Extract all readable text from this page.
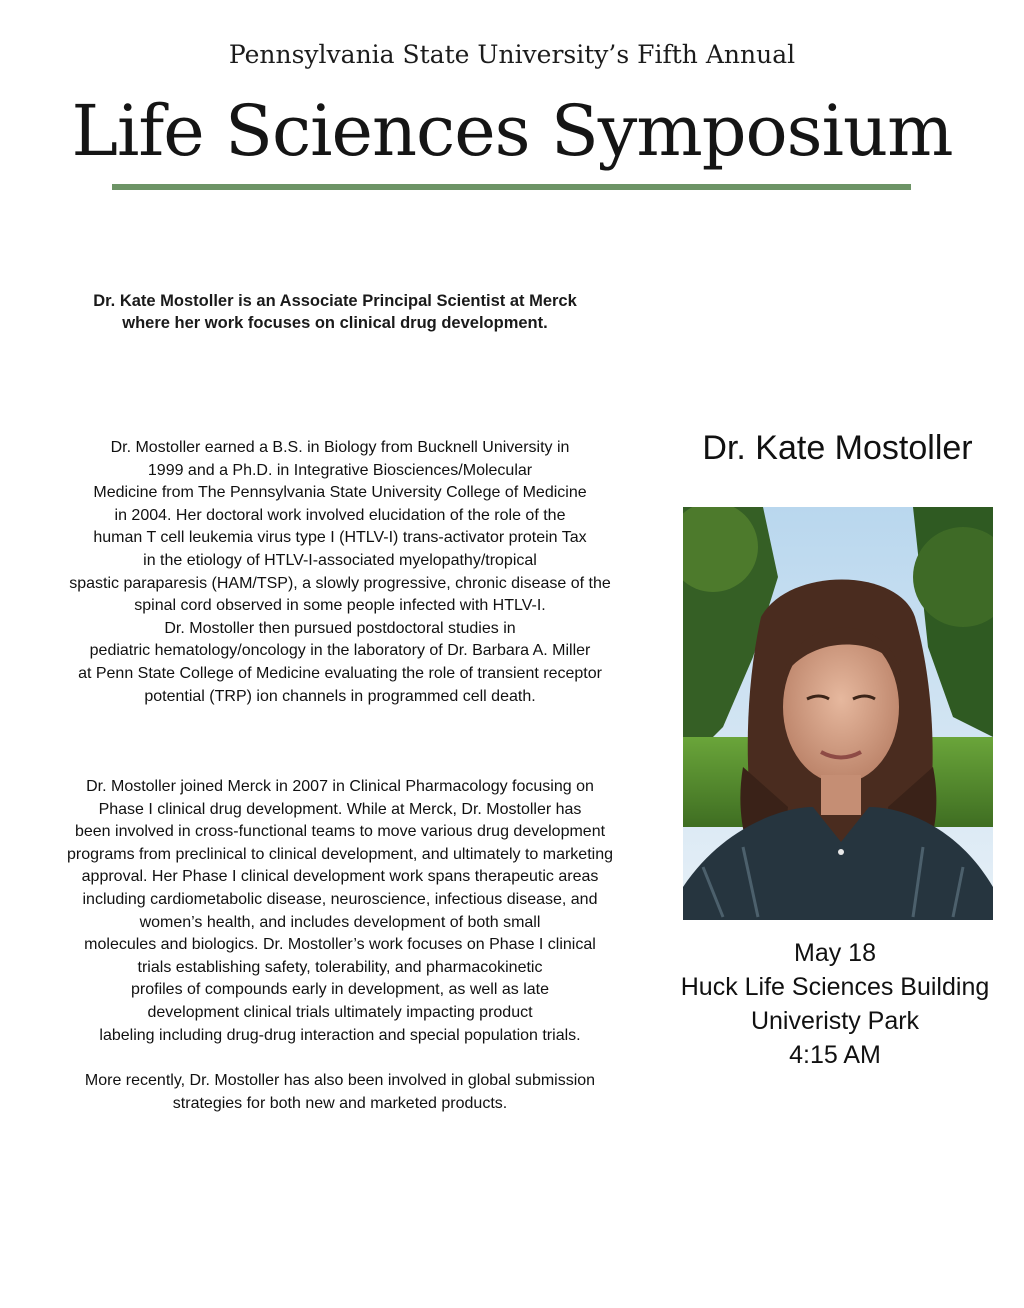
Pennsylvania State University’s Fifth Annual
Life Sciences Symposium
Dr. Kate Mostoller is an Associate Principal Scientist at Merck
where her work focuses on clinical drug development.
Dr. Mostoller earned a B.S. in Biology from Bucknell University in
1999 and a Ph.D. in Integrative Biosciences/Molecular
Medicine from The Pennsylvania State University College of Medicine
in 2004. Her doctoral work involved elucidation of the role of the
human T cell leukemia virus type I (HTLV-I) trans-activator protein Tax
in the etiology of HTLV-I-associated myelopathy/tropical
spastic paraparesis (HAM/TSP), a slowly progressive, chronic disease of the
spinal cord observed in some people infected with HTLV-I.
Dr. Mostoller then pursued postdoctoral studies in
pediatric hematology/oncology in the laboratory of Dr. Barbara A. Miller
at Penn State College of Medicine evaluating the role of transient receptor
potential (TRP) ion channels in programmed cell death.
Dr. Mostoller joined Merck in 2007 in Clinical Pharmacology focusing on
Phase I clinical drug development. While at Merck, Dr. Mostoller has
been involved in cross-functional teams to move various drug development
programs from preclinical to clinical development, and ultimately to marketing
approval. Her Phase I clinical development work spans therapeutic areas
including cardiometabolic disease, neuroscience, infectious disease, and
women’s health, and includes development of both small
molecules and biologics. Dr. Mostoller’s work focuses on Phase I clinical
trials establishing safety, tolerability, and pharmacokinetic
profiles of compounds early in development, as well as late
development clinical trials ultimately impacting product
labeling including drug-drug interaction and special population trials.
More recently, Dr. Mostoller has also been involved in global submission
strategies for both new and marketed products.
Dr. Kate Mostoller
May 18
Huck Life Sciences Building
Univeristy Park
4:15 AM
